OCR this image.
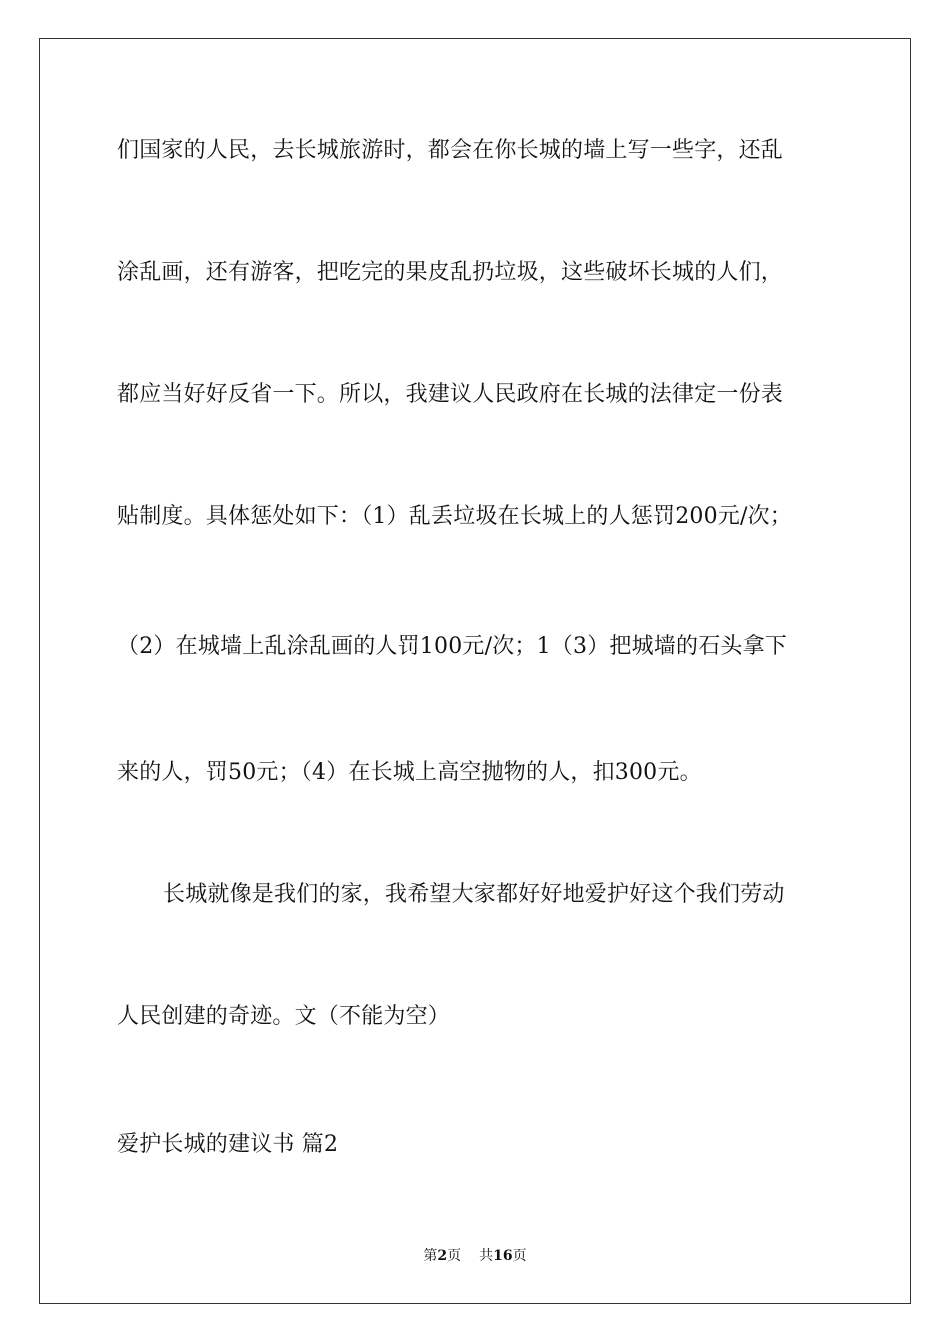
们国家的人民，去长城旅游时，都会在你长城的墙上写一些字，还乱
涂乱画，还有游客，把吃完的果皮乱扔垃圾，这些破坏长城的人们，
都应当好好反省一下。所以，我建议人民政府在长城的法律定一份表
贴制度。具体惩处如下：（1）乱丢垃圾在长城上的人惩罚200元/次；
（2）在城墙上乱涂乱画的人罚100元/次；1（3）把城墙的石头拿下
来的人，罚50元；（4）在长城上高空抛物的人，扣300元。
长城就像是我们的家，我希望大家都好好地爱护好这个我们劳动
人民创建的奇迹。文（不能为空）
爱护长城的建议书 篇2
第2页 共16页
